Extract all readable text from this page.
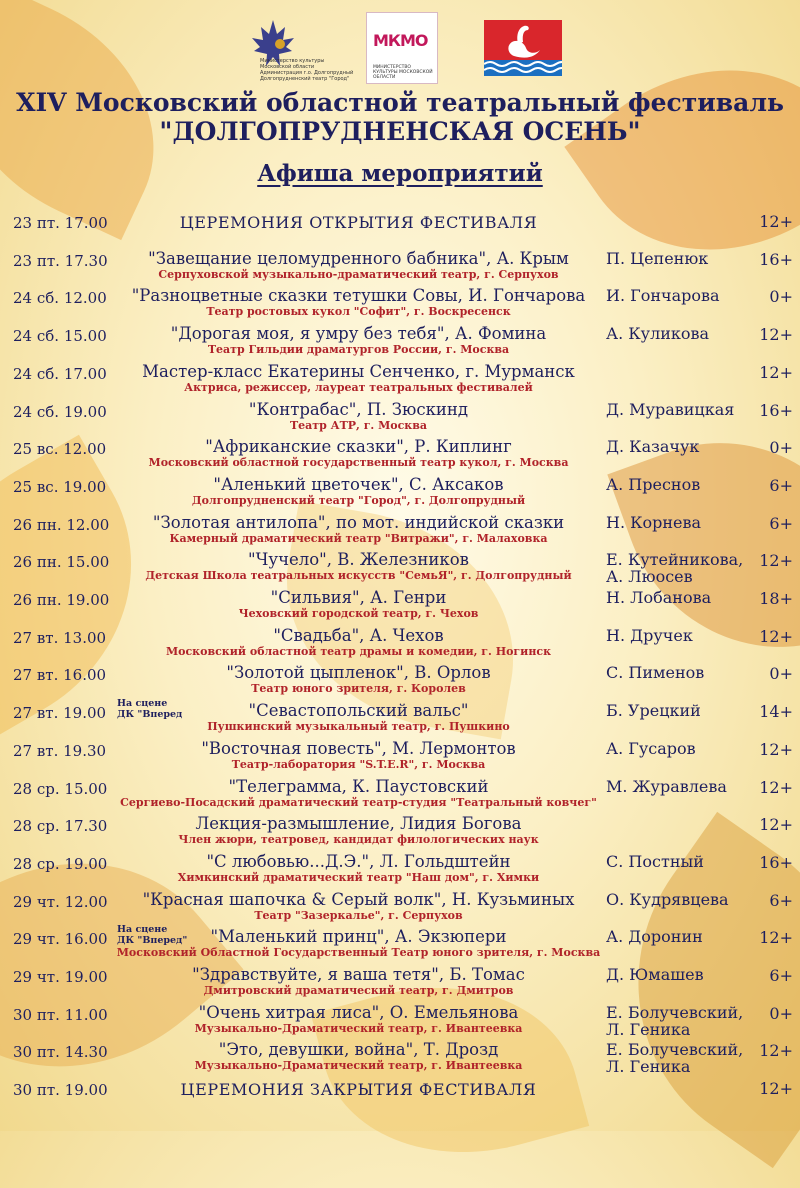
Министерство культуры Московской области Администрация г.о. Долгопрудный Долгопрудненский театр "Город"
МКМО
МИНИСТЕРСТВО КУЛЬТУРЫ МОСКОВСКОЙ ОБЛАСТИ
XIV Московский областной театральный фестиваль
"ДОЛГОПРУДНЕНСКАЯ ОСЕНЬ"
Афиша мероприятий
23 пт. 17.00	ЦЕРЕМОНИЯ ОТКРЫТИЯ ФЕСТИВАЛЯ	12+
23 пт. 17.30	"Завещание целомудренного бабника", А. Крым
Серпуховской музыкально-драматический театр, г. Серпухов
П. Цепенюк	16+
24 сб. 12.00	"Разноцветные сказки тетушки Совы, И. Гончарова
Театр ростовых кукол "Софит", г. Воскресенск
И. Гончарова	0+
24 сб. 15.00	"Дорогая моя, я умру без тебя", А. Фомина
Театр Гильдии драматургов России, г. Москва
А. Куликова	12+
24 сб. 17.00	Мастер-класс Екатерины Сенченко, г. Мурманск
Актриса, режиссер, лауреат театральных фестивалей
12+
24 сб. 19.00	"Контрабас", П. Зюскинд
Театр АТР, г. Москва
Д. Муравицкая 16+
25 вс. 12.00	"Африканские сказки", Р. Киплинг
Московский областной государственный театр кукол, г. Москва
Д. Казачук	0+
25 вс. 19.00	"Аленький цветочек", С. Аксаков
Долгопрудненский театр "Город", г. Долгопрудный
А. Преснов	6+
26 пн. 12.00	"Золотая антилопа", по мот. индийской сказки
Камерный драматический театр "Витражи", г. Малаховка
Н. Корнева	6+
26 пн. 15.00	"Чучело", В. Железников
Детская Школа театральных искусств "СемьЯ", г. Долгопрудный
Е. Кутейникова,
А. Люосев
12+
26 пн. 19.00	"Сильвия", А. Генри
Чеховский городской театр, г. Чехов
Н. Лобанова	18+
27 вт. 13.00	"Свадьба", А. Чехов
Московский областной театр драмы и комедии, г. Ногинск
Н. Дручек	12+
27 вт. 16.00	"Золотой цыпленок", В. Орлов
Театр юного зрителя, г. Королев
С. Пименов	0+
27 вт. 19.00
На сцене
ДК "Вперед	"Севастопольский вальс"
Пушкинский музыкальный театр, г. Пушкино
Б. Урецкий	14+
27 вт. 19.30	"Восточная повесть", М. Лермонтов
Театр-лаборатория "S.T.E.R", г. Москва
А. Гусаров	12+
28 ср. 15.00	"Телеграмма, К. Паустовский
Сергиево-Посадский драматический театр-студия "Театральный ковчег"
М. Журавлева 12+
28 ср. 17.30	Лекция-размышление, Лидия Богова
Член жюри, театровед, кандидат филологических наук
12+
28 ср. 19.00	"С любовью...Д.Э.", Л. Гольдштейн
Химкинский драматический театр "Наш дом", г. Химки
С. Постный	16+
29 чт. 12.00	"Красная шапочка & Серый волк", Н. Кузьминых
Театр "Зазеркалье", г. Серпухов
О. Кудрявцева	6+
29 чт. 16.00
На сцене
ДК "Вперед"	"Маленький принц", А. Экзюпери
Московский Областной Государственный Театр юного зрителя, г. Москва
А. Доронин	12+
29 чт. 19.00	"Здравствуйте, я ваша тетя", Б. Томас
Дмитровский драматический театр, г. Дмитров
Д. Юмашев	6+
30 пт. 11.00	"Очень хитрая лиса", О. Емельянова
Музыкально-Драматический театр, г. Ивантеевка
Е. Болучевский,
Л. Геника
0+
30 пт. 14.30	"Это, девушки, война", Т. Дрозд
Музыкально-Драматический театр, г. Ивантеевка
Е. Болучевский,
Л. Геника
12+
30 пт. 19.00	ЦЕРЕМОНИЯ ЗАКРЫТИЯ ФЕСТИВАЛЯ	12+
